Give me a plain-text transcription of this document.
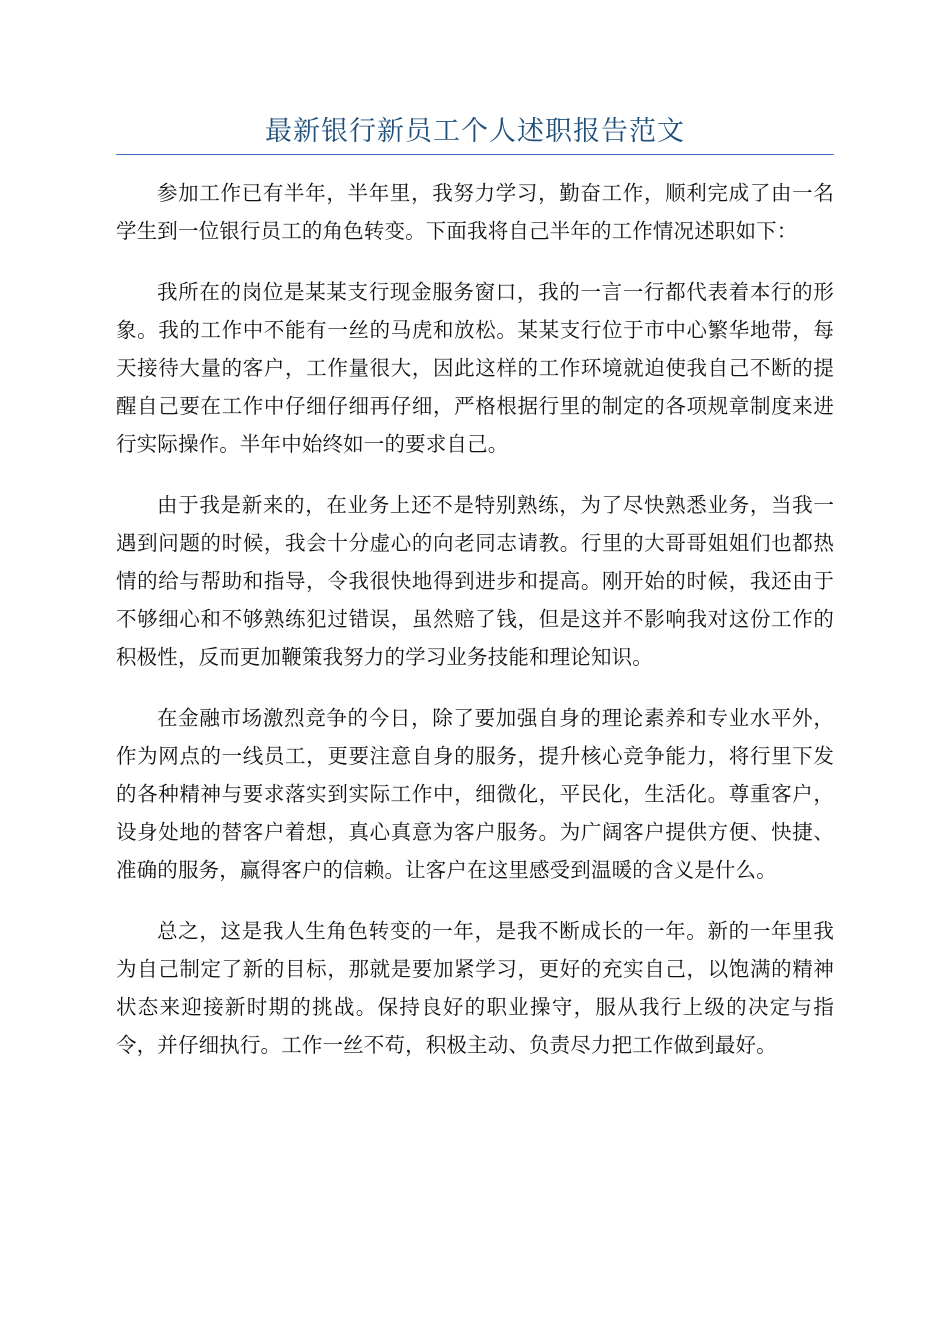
最新银行新员工个人述职报告范文

参加工作已有半年，半年里，我努力学习，勤奋工作，顺利完成了由一名学生到一位银行员工的角色转变。下面我将自己半年的工作情况述职如下：

我所在的岗位是某某支行现金服务窗口，我的一言一行都代表着本行的形象。我的工作中不能有一丝的马虎和放松。某某支行位于市中心繁华地带，每天接待大量的客户，工作量很大，因此这样的工作环境就迫使我自己不断的提醒自己要在工作中仔细仔细再仔细，严格根据行里的制定的各项规章制度来进行实际操作。半年中始终如一的要求自己。

由于我是新来的，在业务上还不是特别熟练，为了尽快熟悉业务，当我一遇到问题的时候，我会十分虚心的向老同志请教。行里的大哥哥姐姐们也都热情的给与帮助和指导，令我很快地得到进步和提高。刚开始的时候，我还由于不够细心和不够熟练犯过错误，虽然赔了钱，但是这并不影响我对这份工作的积极性，反而更加鞭策我努力的学习业务技能和理论知识。

在金融市场激烈竞争的今日，除了要加强自身的理论素养和专业水平外，作为网点的一线员工，更要注意自身的服务，提升核心竞争能力，将行里下发的各种精神与要求落实到实际工作中，细微化，平民化，生活化。尊重客户，设身处地的替客户着想，真心真意为客户服务。为广阔客户提供方便、快捷、准确的服务，赢得客户的信赖。让客户在这里感受到温暖的含义是什么。

总之，这是我人生角色转变的一年，是我不断成长的一年。新的一年里我为自己制定了新的目标，那就是要加紧学习，更好的充实自己，以饱满的精神状态来迎接新时期的挑战。保持良好的职业操守，服从我行上级的决定与指令，并仔细执行。工作一丝不苟，积极主动、负责尽力把工作做到最好。
